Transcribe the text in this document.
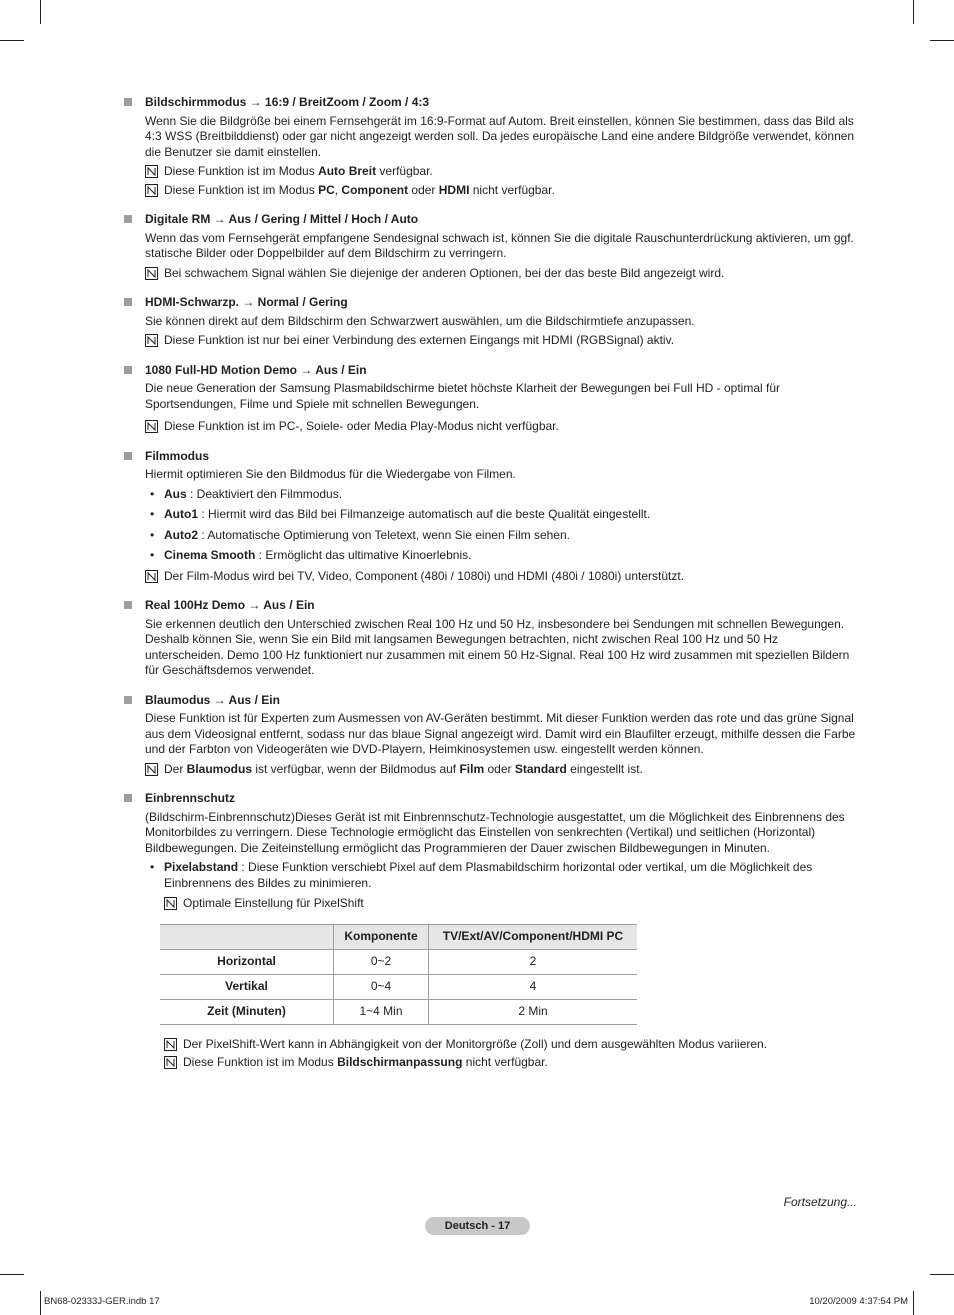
Bildschirmmodus → 16:9 / BreitZoom / Zoom / 4:3
Wenn Sie die Bildgröße bei einem Fernsehgerät im 16:9-Format auf Autom. Breit einstellen, können Sie bestimmen, dass das Bild als 4:3 WSS (Breitbilddienst) oder gar nicht angezeigt werden soll. Da jedes europäische Land eine andere Bildgröße verwendet, können die Benutzer sie damit einstellen.
Diese Funktion ist im Modus Auto Breit verfügbar.
Diese Funktion ist im Modus PC, Component oder HDMI nicht verfügbar.
Digitale RM → Aus / Gering / Mittel / Hoch / Auto
Wenn das vom Fernsehgerät empfangene Sendesignal schwach ist, können Sie die digitale Rauschunterdrückung aktivieren, um ggf. statische Bilder oder Doppelbilder auf dem Bildschirm zu verringern.
Bei schwachem Signal wählen Sie diejenige der anderen Optionen, bei der das beste Bild angezeigt wird.
HDMI-Schwarzp. → Normal / Gering
Sie können direkt auf dem Bildschirm den Schwarzwert auswählen, um die Bildschirmtiefe anzupassen.
Diese Funktion ist nur bei einer Verbindung des externen Eingangs mit HDMI (RGBSignal) aktiv.
1080 Full-HD Motion Demo → Aus / Ein
Die neue Generation der Samsung Plasmabildschirme bietet höchste Klarheit der Bewegungen bei Full HD - optimal für Sportsendungen, Filme und Spiele mit schnellen Bewegungen.
Diese Funktion ist im PC-, Soiele- oder Media Play-Modus nicht verfügbar.
Filmmodus
Hiermit optimieren Sie den Bildmodus für die Wiedergabe von Filmen.
• Aus : Deaktiviert den Filmmodus.
• Auto1 : Hiermit wird das Bild bei Filmanzeige automatisch auf die beste Qualität eingestellt.
• Auto2 : Automatische Optimierung von Teletext, wenn Sie einen Film sehen.
• Cinema Smooth : Ermöglicht das ultimative Kinoerlebnis.
Der Film-Modus wird bei TV, Video, Component (480i / 1080i) und HDMI (480i / 1080i) unterstützt.
Real 100Hz Demo → Aus / Ein
Sie erkennen deutlich den Unterschied zwischen Real 100 Hz und 50 Hz, insbesondere bei Sendungen mit schnellen Bewegungen. Deshalb können Sie, wenn Sie ein Bild mit langsamen Bewegungen betrachten, nicht zwischen Real 100 Hz und 50 Hz unterscheiden. Demo 100 Hz funktioniert nur zusammen mit einem 50 Hz-Signal. Real 100 Hz wird zusammen mit speziellen Bildern für Geschäftsdemos verwendet.
Blaumodus → Aus / Ein
Diese Funktion ist für Experten zum Ausmessen von AV-Geräten bestimmt. Mit dieser Funktion werden das rote und das grüne Signal aus dem Videosignal entfernt, sodass nur das blaue Signal angezeigt wird. Damit wird ein Blaufilter erzeugt, mithilfe dessen die Farbe und der Farbton von Videogeräten wie DVD-Playern, Heimkinosystemen usw. eingestellt werden können.
Der Blaumodus ist verfügbar, wenn der Bildmodus auf Film oder Standard eingestellt ist.
Einbrennschutz
(Bildschirm-Einbrennschutz)Dieses Gerät ist mit Einbrennschutz-Technologie ausgestattet, um die Möglichkeit des Einbrennens des Monitorbildes zu verringern. Diese Technologie ermöglicht das Einstellen von senkrechten (Vertikal) und seitlichen (Horizontal) Bildbewegungen. Die Zeiteinstellung ermöglicht das Programmieren der Dauer zwischen Bildbewegungen in Minuten.
• Pixelabstand : Diese Funktion verschiebt Pixel auf dem Plasmabildschirm horizontal oder vertikal, um die Möglichkeit des Einbrennens des Bildes zu minimieren.
Optimale Einstellung für PixelShift
	Komponente	TV/Ext/AV/Component/HDMI PC
Horizontal	0~2	2
Vertikal	0~4	4
Zeit (Minuten)	1~4 Min	2 Min
Der PixelShift-Wert kann in Abhängigkeit von der Monitorgröße (Zoll) und dem ausgewählten Modus variieren.
Diese Funktion ist im Modus Bildschirmanpassung nicht verfügbar.
Fortsetzung...
Deutsch - 17
BN68-02333J-GER.indb 17	10/20/2009 4:37:54 PM
